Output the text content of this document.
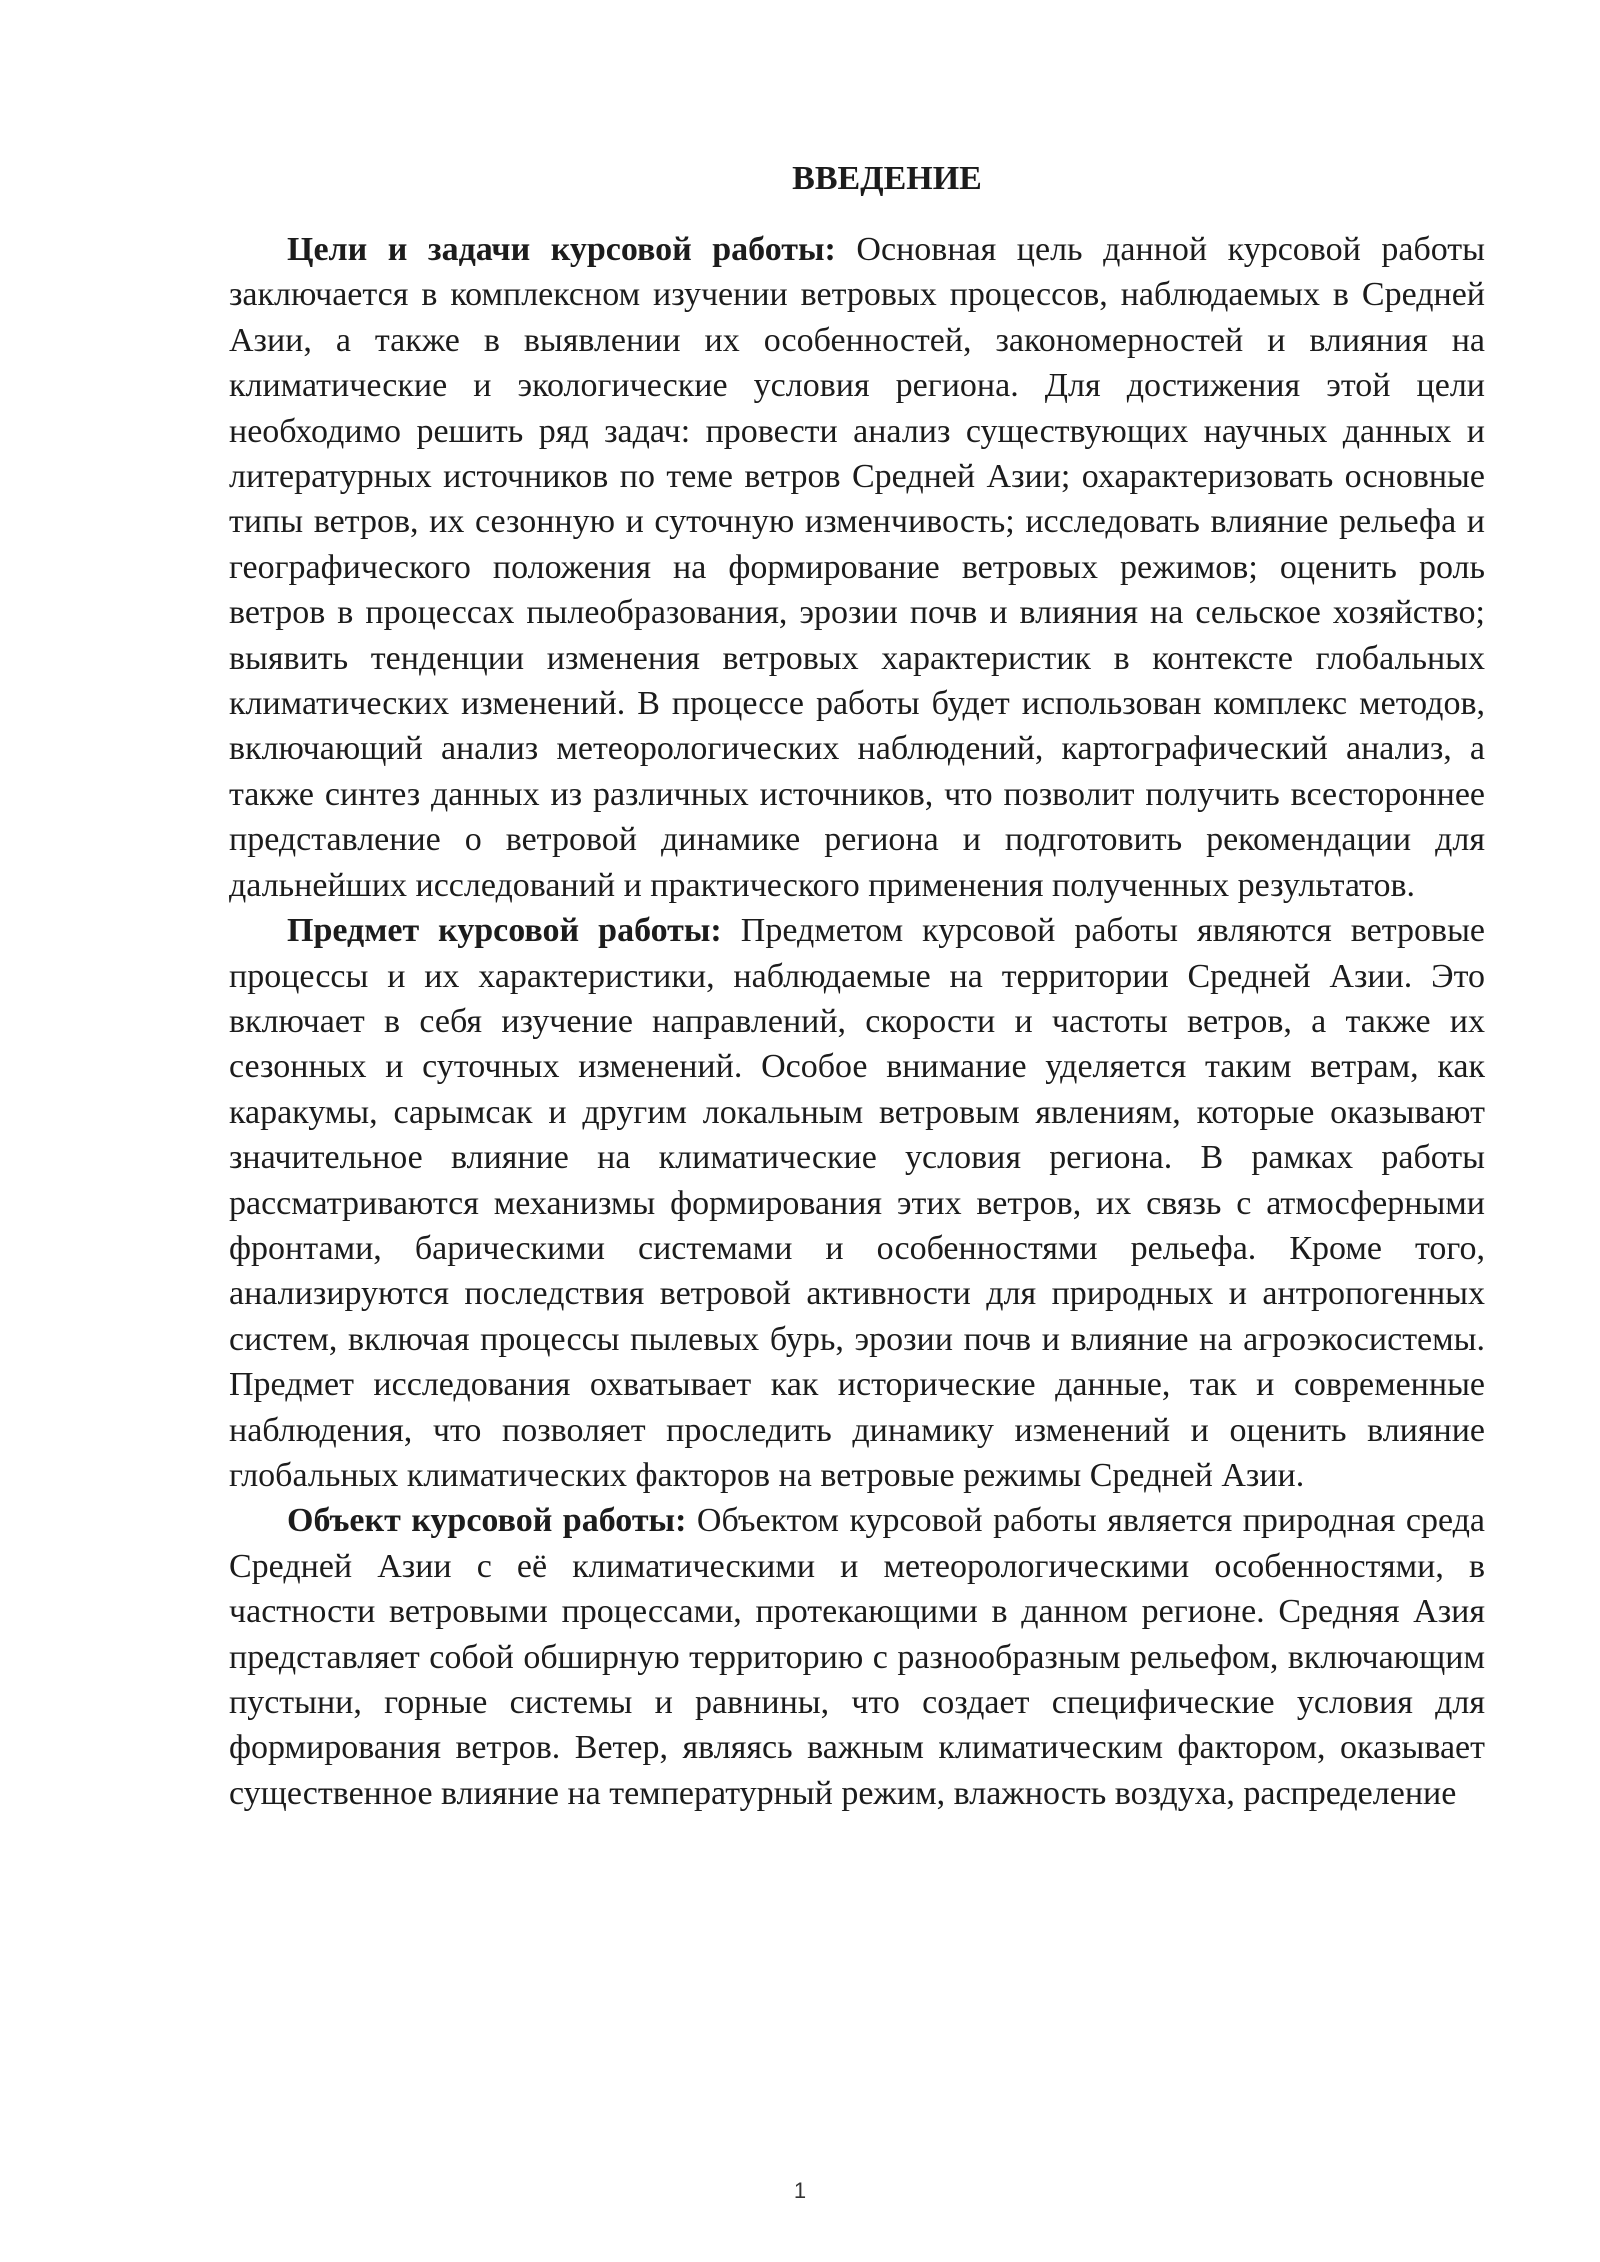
ВВЕДЕНИЕ

Цели и задачи курсовой работы: Основная цель данной курсовой работы заключается в комплексном изучении ветровых процессов, наблюдаемых в Средней Азии, а также в выявлении их особенностей, закономерностей и влияния на климатические и экологические условия региона. Для достижения этой цели необходимо решить ряд задач: провести анализ существующих научных данных и литературных источников по теме ветров Средней Азии; охарактеризовать основные типы ветров, их сезонную и суточную изменчивость; исследовать влияние рельефа и географического положения на формирование ветровых режимов; оценить роль ветров в процессах пылеобразования, эрозии почв и влияния на сельское хозяйство; выявить тенденции изменения ветровых характеристик в контексте глобальных климатических изменений. В процессе работы будет использован комплекс методов, включающий анализ метеорологических наблюдений, картографический анализ, а также синтез данных из различных источников, что позволит получить всестороннее представление о ветровой динамике региона и подготовить рекомендации для дальнейших исследований и практического применения полученных результатов.

Предмет курсовой работы: Предметом курсовой работы являются ветровые процессы и их характеристики, наблюдаемые на территории Средней Азии. Это включает в себя изучение направлений, скорости и частоты ветров, а также их сезонных и суточных изменений. Особое внимание уделяется таким ветрам, как каракумы, сарымсак и другим локальным ветровым явлениям, которые оказывают значительное влияние на климатические условия региона. В рамках работы рассматриваются механизмы формирования этих ветров, их связь с атмосферными фронтами, барическими системами и особенностями рельефа. Кроме того, анализируются последствия ветровой активности для природных и антропогенных систем, включая процессы пылевых бурь, эрозии почв и влияние на агроэкосистемы. Предмет исследования охватывает как исторические данные, так и современные наблюдения, что позволяет проследить динамику изменений и оценить влияние глобальных климатических факторов на ветровые режимы Средней Азии.

Объект курсовой работы: Объектом курсовой работы является природная среда Средней Азии с её климатическими и метеорологическими особенностями, в частности ветровыми процессами, протекающими в данном регионе. Средняя Азия представляет собой обширную территорию с разнообразным рельефом, включающим пустыни, горные системы и равнины, что создает специфические условия для формирования ветров. Ветер, являясь важным климатическим фактором, оказывает существенное влияние на температурный режим, влажность воздуха, распределение

1
